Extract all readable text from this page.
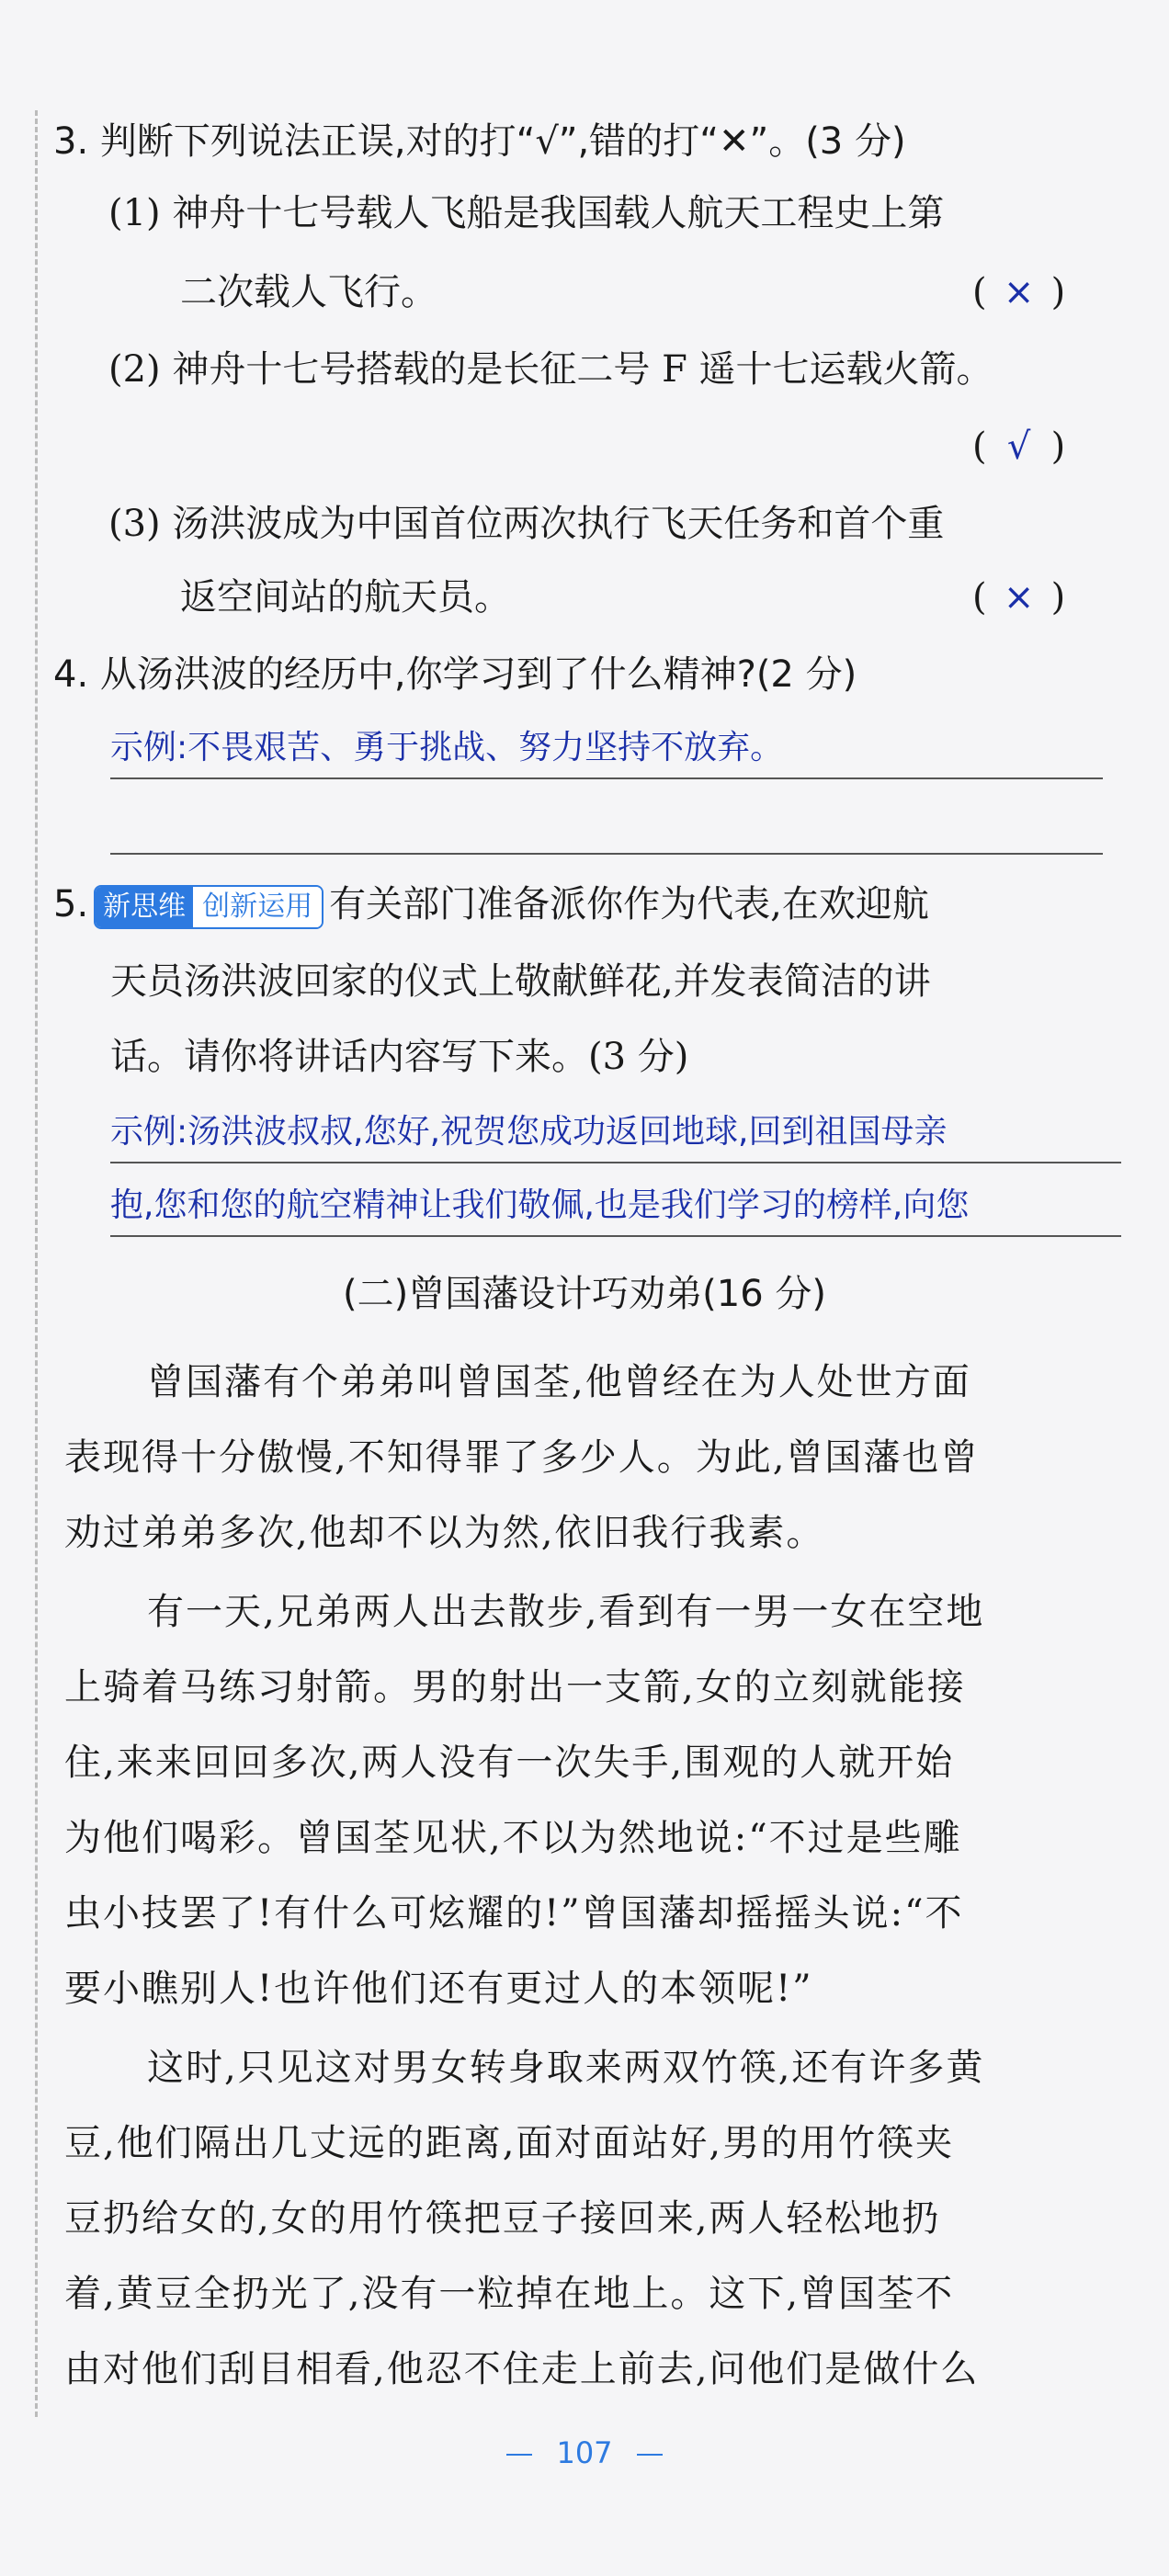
3. 判断下列说法正误,对的打“√”,错的打“✕”。(3 分)
(1) 神舟十七号载人飞船是我国载人航天工程史上第
二次载人飞行。	( × )
(2) 神舟十七号搭载的是长征二号 F 遥十七运载火箭。
( √ )
(3) 汤洪波成为中国首位两次执行飞天任务和首个重
返空间站的航天员。	( × )
4. 从汤洪波的经历中,你学习到了什么精神?(2 分)
示例:不畏艰苦、勇于挑战、努力坚持不放弃。
5. 新思维 创新运用 有关部门准备派你作为代表,在欢迎航
天员汤洪波回家的仪式上敬献鲜花,并发表简洁的讲
话。请你将讲话内容写下来。(3 分)
示例:汤洪波叔叔,您好,祝贺您成功返回地球,回到祖国母亲
抱,您和您的航空精神让我们敬佩,也是我们学习的榜样,向您
(二)曾国藩设计巧劝弟(16 分)
曾国藩有个弟弟叫曾国荃,他曾经在为人处世方面
表现得十分傲慢,不知得罪了多少人。为此,曾国藩也曾
劝过弟弟多次,他却不以为然,依旧我行我素。
有一天,兄弟两人出去散步,看到有一男一女在空地
上骑着马练习射箭。男的射出一支箭,女的立刻就能接
住,来来回回多次,两人没有一次失手,围观的人就开始
为他们喝彩。曾国荃见状,不以为然地说:“不过是些雕
虫小技罢了!有什么可炫耀的!”曾国藩却摇摇头说:“不
要小瞧别人!也许他们还有更过人的本领呢!”
这时,只见这对男女转身取来两双竹筷,还有许多黄
豆,他们隔出几丈远的距离,面对面站好,男的用竹筷夹
豆扔给女的,女的用竹筷把豆子接回来,两人轻松地扔
着,黄豆全扔光了,没有一粒掉在地上。这下,曾国荃不
由对他们刮目相看,他忍不住走上前去,问他们是做什么
107
